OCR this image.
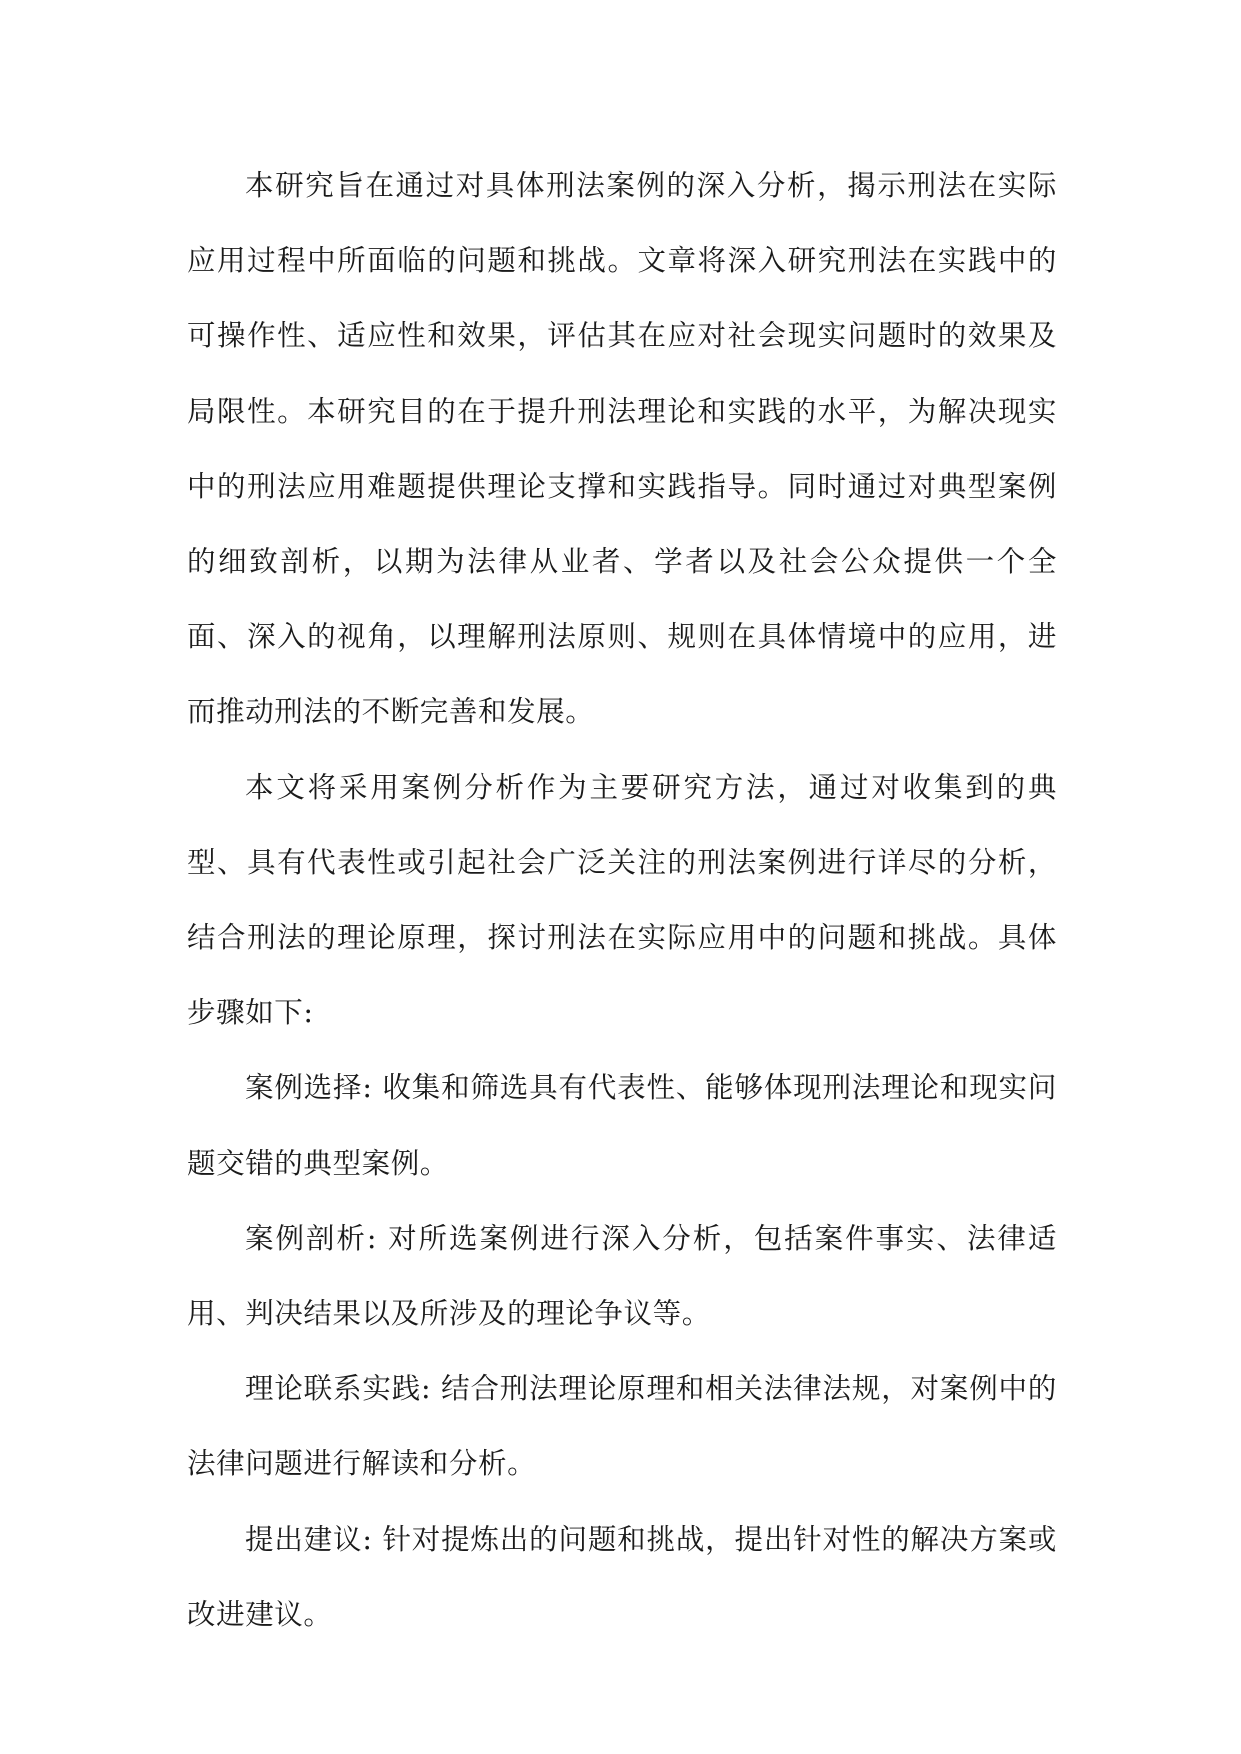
本研究旨在通过对具体刑法案例的深入分析，揭示刑法在实际应用过程中所面临的问题和挑战。文章将深入研究刑法在实践中的可操作性、适应性和效果，评估其在应对社会现实问题时的效果及局限性。本研究目的在于提升刑法理论和实践的水平，为解决现实中的刑法应用难题提供理论支撑和实践指导。同时通过对典型案例的细致剖析，以期为法律从业者、学者以及社会公众提供一个全面、深入的视角，以理解刑法原则、规则在具体情境中的应用，进而推动刑法的不断完善和发展。

本文将采用案例分析作为主要研究方法，通过对收集到的典型、具有代表性或引起社会广泛关注的刑法案例进行详尽的分析，结合刑法的理论原理，探讨刑法在实际应用中的问题和挑战。具体步骤如下:

案例选择: 收集和筛选具有代表性、能够体现刑法理论和现实问题交错的典型案例。

案例剖析: 对所选案例进行深入分析，包括案件事实、法律适用、判决结果以及所涉及的理论争议等。

理论联系实践: 结合刑法理论原理和相关法律法规，对案例中的法律问题进行解读和分析。

提出建议: 针对提炼出的问题和挑战，提出针对性的解决方案或改进建议。
